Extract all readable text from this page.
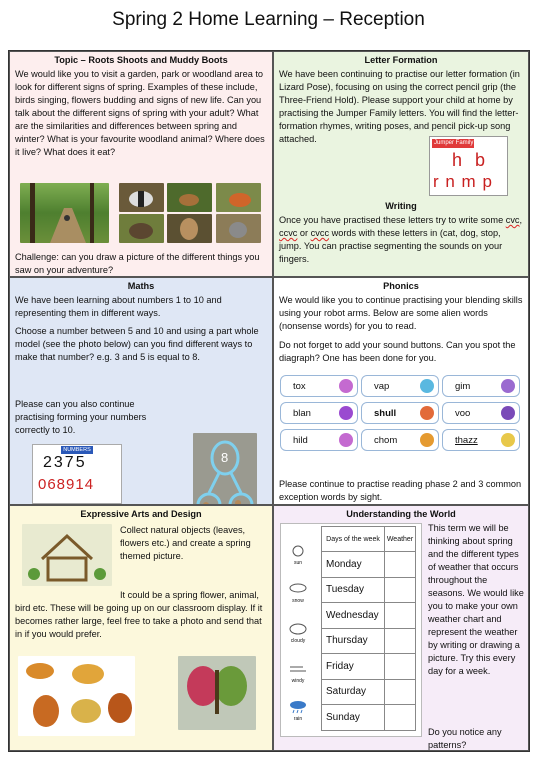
Spring 2 Home Learning – Reception
Topic – Roots Shoots and Muddy Boots
We would like you to visit a garden, park or woodland area to look for different signs of spring. Examples of these include, birds singing, flowers budding and signs of new life. Can you talk about the different signs of spring with your adult? What are the similarities and differences between spring and winter? What is your favourite woodland animal? Where does it live? What does it eat?
Challenge: can you draw a picture of the different things you saw on your adventure?
Letter Formation
We have been continuing to practise our letter formation (in Lizard Pose), focusing on using the correct pencil grip (the Three-Friend Hold). Please support your child at home by practising the Jumper Family letters. You will find the letter-formation rhymes, writing poses, and pencil pick-up song attached.	Jumper Family
h b
r n m p
Writing
Once you have practised these letters try to write some cvc, ccvc or cvcc words with these letters in (cat, dog, stop, jump. You can practise segmenting the sounds on your fingers.
Maths
We have been learning about numbers 1 to 10 and representing them in different ways.
Choose a number between 5 and 10 and using a part whole model (see the photo below) can you find different ways to make that number? e.g. 3 and 5 is equal to 8.
Please can you also continue practising forming your numbers correctly to 10.
NUMBERS
2375
068914
8
Phonics
We would like you to continue practising your blending skills using your robot arms. Below are some alien words (nonsense words) for you to read.
Do not forget to add your sound buttons. Can you spot the diagraph? One has been done for you.
tox	vap	gim
blan	shull	voo
hild	chom	thazz
Please continue to practise reading phase 2 and 3 common exception words by sight.
Expressive Arts and Design
Collect natural objects (leaves, flowers etc.) and create a spring themed picture.
It could be a spring flower, animal, bird etc. These will be going up on our classroom display. If it becomes rather large, feel free to take a photo and send that in if you would prefer.
Understanding the World
sun
snow
cloudy
windy
rain
Days of the week	Weather
Monday	
Tuesday	
Wednesday	
Thursday	
Friday	
Saturday	
Sunday	
This term we will be thinking about spring and the different types of weather that occurs throughout the seasons. We would like you to make your own weather chart and represent the weather by writing or drawing a picture. Try this every day for a week.
Do you notice any patterns?
